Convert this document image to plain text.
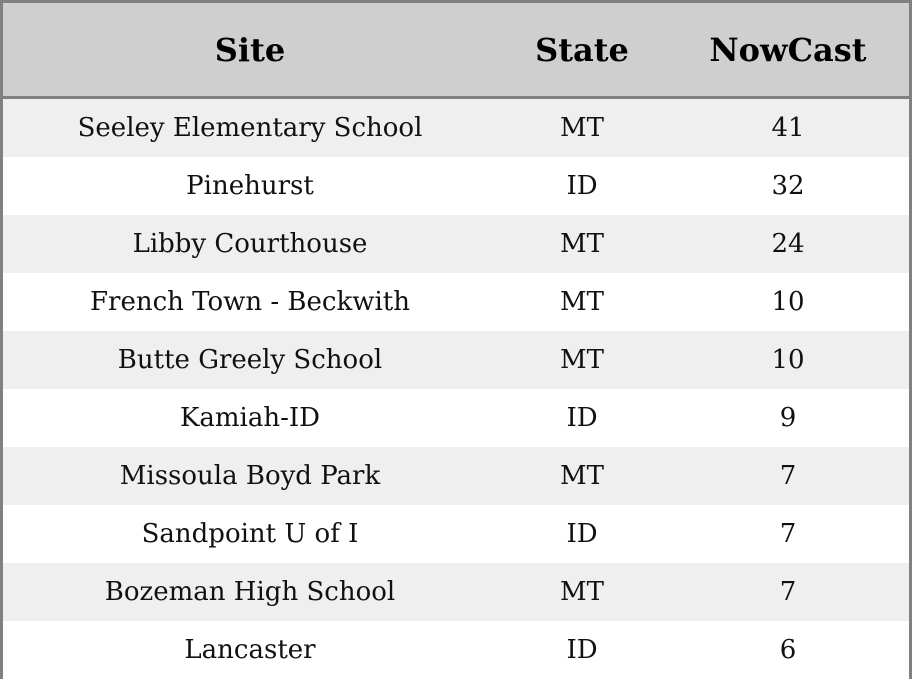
Site	State	NowCast
Seeley Elementary School	MT	41
Pinehurst	ID	32
Libby Courthouse	MT	24
French Town - Beckwith	MT	10
Butte Greely School	MT	10
Kamiah-ID	ID	9
Missoula Boyd Park	MT	7
Sandpoint U of I	ID	7
Bozeman High School	MT	7
Lancaster	ID	6
